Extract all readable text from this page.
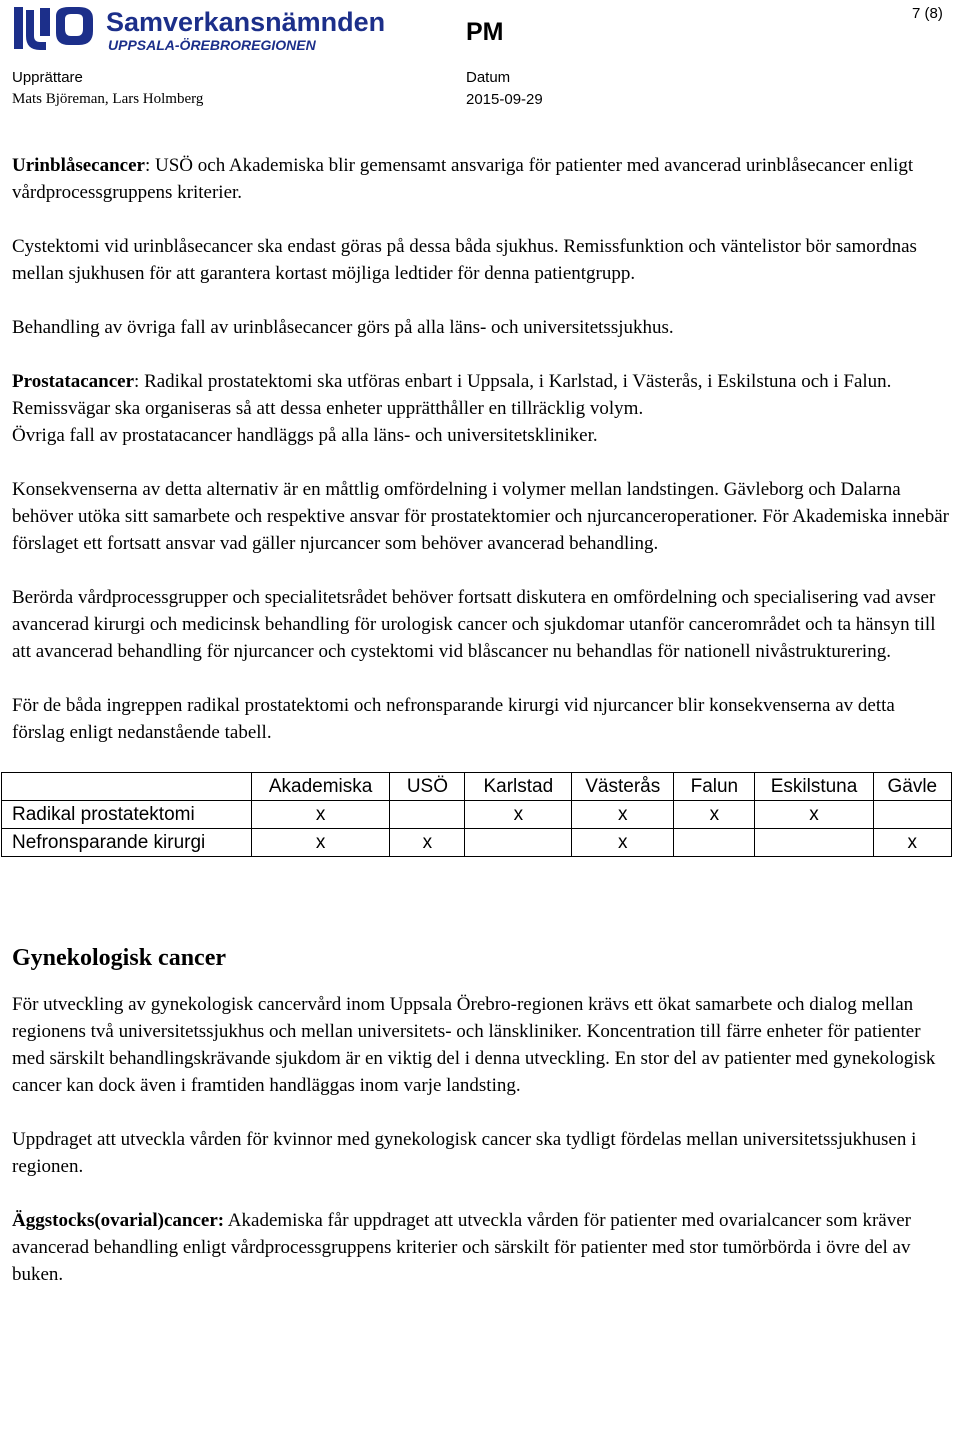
Samverkansnämnden
UPPSALA-ÖREBROREGIONEN	PM
7 (8)
Upprättare
Mats Björeman, Lars Holmberg
Datum
2015-09-29

Urinblåsecancer: USÖ och Akademiska blir gemensamt ansvariga för patienter med avancerad urinblåsecancer enligt vårdprocessgruppens kriterier.

Cystektomi vid urinblåsecancer ska endast göras på dessa båda sjukhus. Remissfunktion och väntelistor bör samordnas mellan sjukhusen för att garantera kortast möjliga ledtider för denna patientgrupp.

Behandling av övriga fall av urinblåsecancer görs på alla läns- och universitetssjukhus.

Prostatacancer: Radikal prostatektomi ska utföras enbart i Uppsala, i Karlstad, i Västerås, i Eskilstuna och i Falun. Remissvägar ska organiseras så att dessa enheter upprätthåller en tillräcklig volym.

Övriga fall av prostatacancer handläggs på alla läns- och universitetskliniker.

Konsekvenserna av detta alternativ är en måttlig omfördelning i volymer mellan landstingen. Gävleborg och Dalarna behöver utöka sitt samarbete och respektive ansvar för prostatektomier och njurcanceroperationer. För Akademiska innebär förslaget ett fortsatt ansvar vad gäller njurcancer som behöver avancerad behandling.

Berörda vårdprocessgrupper och specialitetsrådet behöver fortsatt diskutera en omfördelning och specialisering vad avser avancerad kirurgi och medicinsk behandling för urologisk cancer och sjukdomar utanför cancerområdet och ta hänsyn till att avancerad behandling för njurcancer och cystektomi vid blåscancer nu behandlas för nationell nivåstrukturering.

För de båda ingreppen radikal prostatektomi och nefronsparande kirurgi vid njurcancer blir konsekvenserna av detta förslag enligt nedanstående tabell.

	Akademiska	USÖ	Karlstad	Västerås	Falun	Eskilstuna	Gävle
Radikal prostatektomi	x		x	x	x	x	
Nefronsparande kirurgi	x	x		x			x
Gynekologisk cancer

För utveckling av gynekologisk cancervård inom Uppsala Örebro-regionen krävs ett ökat samarbete och dialog mellan regionens två universitetssjukhus och mellan universitets- och länskliniker. Koncentration till färre enheter för patienter med särskilt behandlingskrävande sjukdom är en viktig del i denna utveckling. En stor del av patienter med gynekologisk cancer kan dock även i framtiden handläggas inom varje landsting.

Uppdraget att utveckla vården för kvinnor med gynekologisk cancer ska tydligt fördelas mellan universitetssjukhusen i regionen.

Äggstocks(ovarial)cancer: Akademiska får uppdraget att utveckla vården för patienter med ovarialcancer som kräver avancerad behandling enligt vårdprocessgruppens kriterier och särskilt för patienter med stor tumörbörda i övre del av buken.
